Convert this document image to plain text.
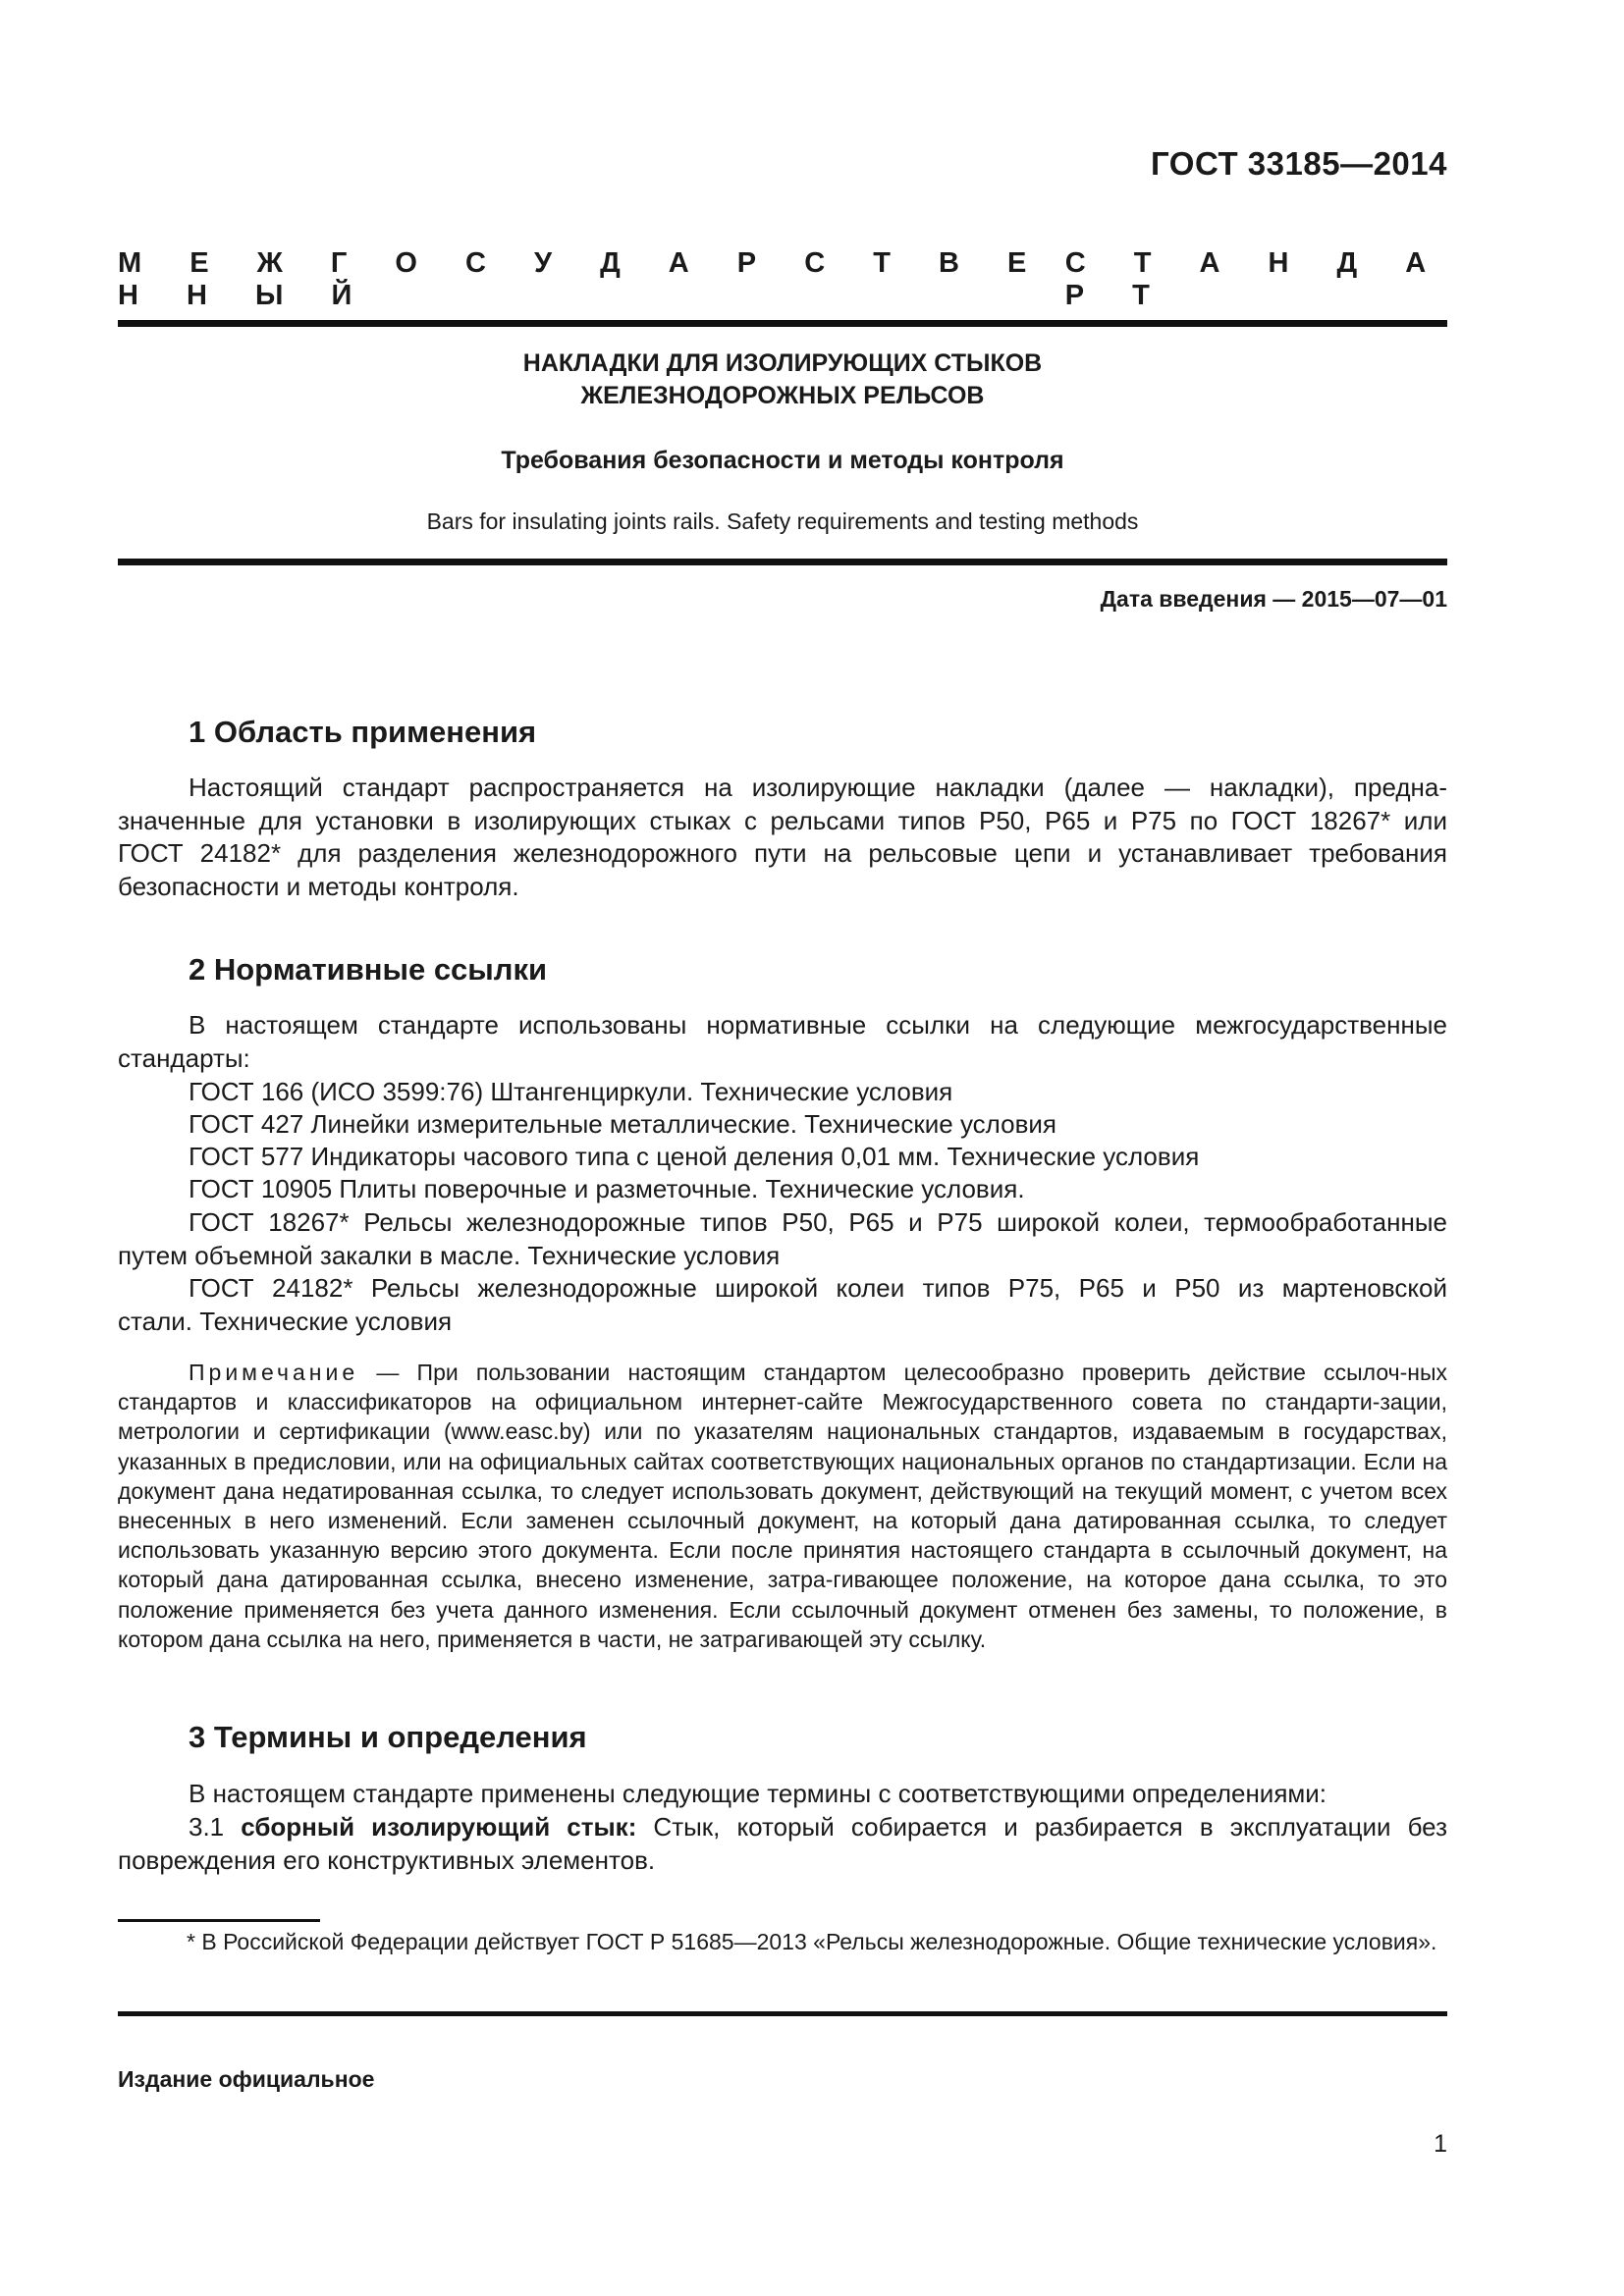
ГОСТ 33185—2014
М Е Ж Г О С У Д А Р С Т В Е Н Н Ы Й
С Т А Н Д А Р Т
НАКЛАДКИ ДЛЯ ИЗОЛИРУЮЩИХ СТЫКОВ
ЖЕЛЕЗНОДОРОЖНЫХ РЕЛЬСОВ
Требования безопасности и методы контроля
Bars for insulating joints rails. Safety requirements and testing methods
Дата введения — 2015—07—01
1 Область применения
Настоящий стандарт распространяется на изолирующие накладки (далее — накладки), предна-
значенные для установки в изолирующих стыках с рельсами типов Р50, Р65 и Р75 по ГОСТ 18267* или
ГОСТ 24182* для разделения железнодорожного пути на рельсовые цепи и устанавливает требования
безопасности и методы контроля.
2 Нормативные ссылки
В настоящем стандарте использованы нормативные ссылки на следующие межгосударственные
стандарты:
ГОСТ 166 (ИСО 3599:76) Штангенциркули. Технические условия
ГОСТ 427 Линейки измерительные металлические. Технические условия
ГОСТ 577 Индикаторы часового типа с ценой деления 0,01 мм. Технические условия
ГОСТ 10905 Плиты поверочные и разметочные. Технические условия.
ГОСТ 18267* Рельсы железнодорожные типов Р50, Р65 и Р75 широкой колеи, термообработанные
путем объемной закалки в масле. Технические условия
ГОСТ 24182* Рельсы железнодорожные широкой колеи типов Р75, Р65 и Р50 из мартеновской
стали. Технические условия
Примечание — При пользовании настоящим стандартом целесообразно проверить действие ссылоч-ных стандартов и классификаторов на официальном интернет-сайте Межгосударственного совета по стандарти-зации, метрологии и сертификации (www.easc.by) или по указателям национальных стандартов, издаваемым в государствах, указанных в предисловии, или на официальных сайтах соответствующих национальных органов по стандартизации. Если на документ дана недатированная ссылка, то следует использовать документ, действующий на текущий момент, с учетом всех внесенных в него изменений. Если заменен ссылочный документ, на который дана датированная ссылка, то следует использовать указанную версию этого документа. Если после принятия настоящего стандарта в ссылочный документ, на который дана датированная ссылка, внесено изменение, затра-гивающее положение, на которое дана ссылка, то это положение применяется без учета данного изменения. Если ссылочный документ отменен без замены, то положение, в котором дана ссылка на него, применяется в части, не затрагивающей эту ссылку.
3 Термины и определения
В настоящем стандарте применены следующие термины с соответствующими определениями:
3.1 сборный изолирующий стык: Стык, который собирается и разбирается в эксплуатации без
повреждения его конструктивных элементов.
* В Российской Федерации действует ГОСТ Р 51685—2013 «Рельсы железнодорожные. Общие технические условия».
Издание официальное
1
